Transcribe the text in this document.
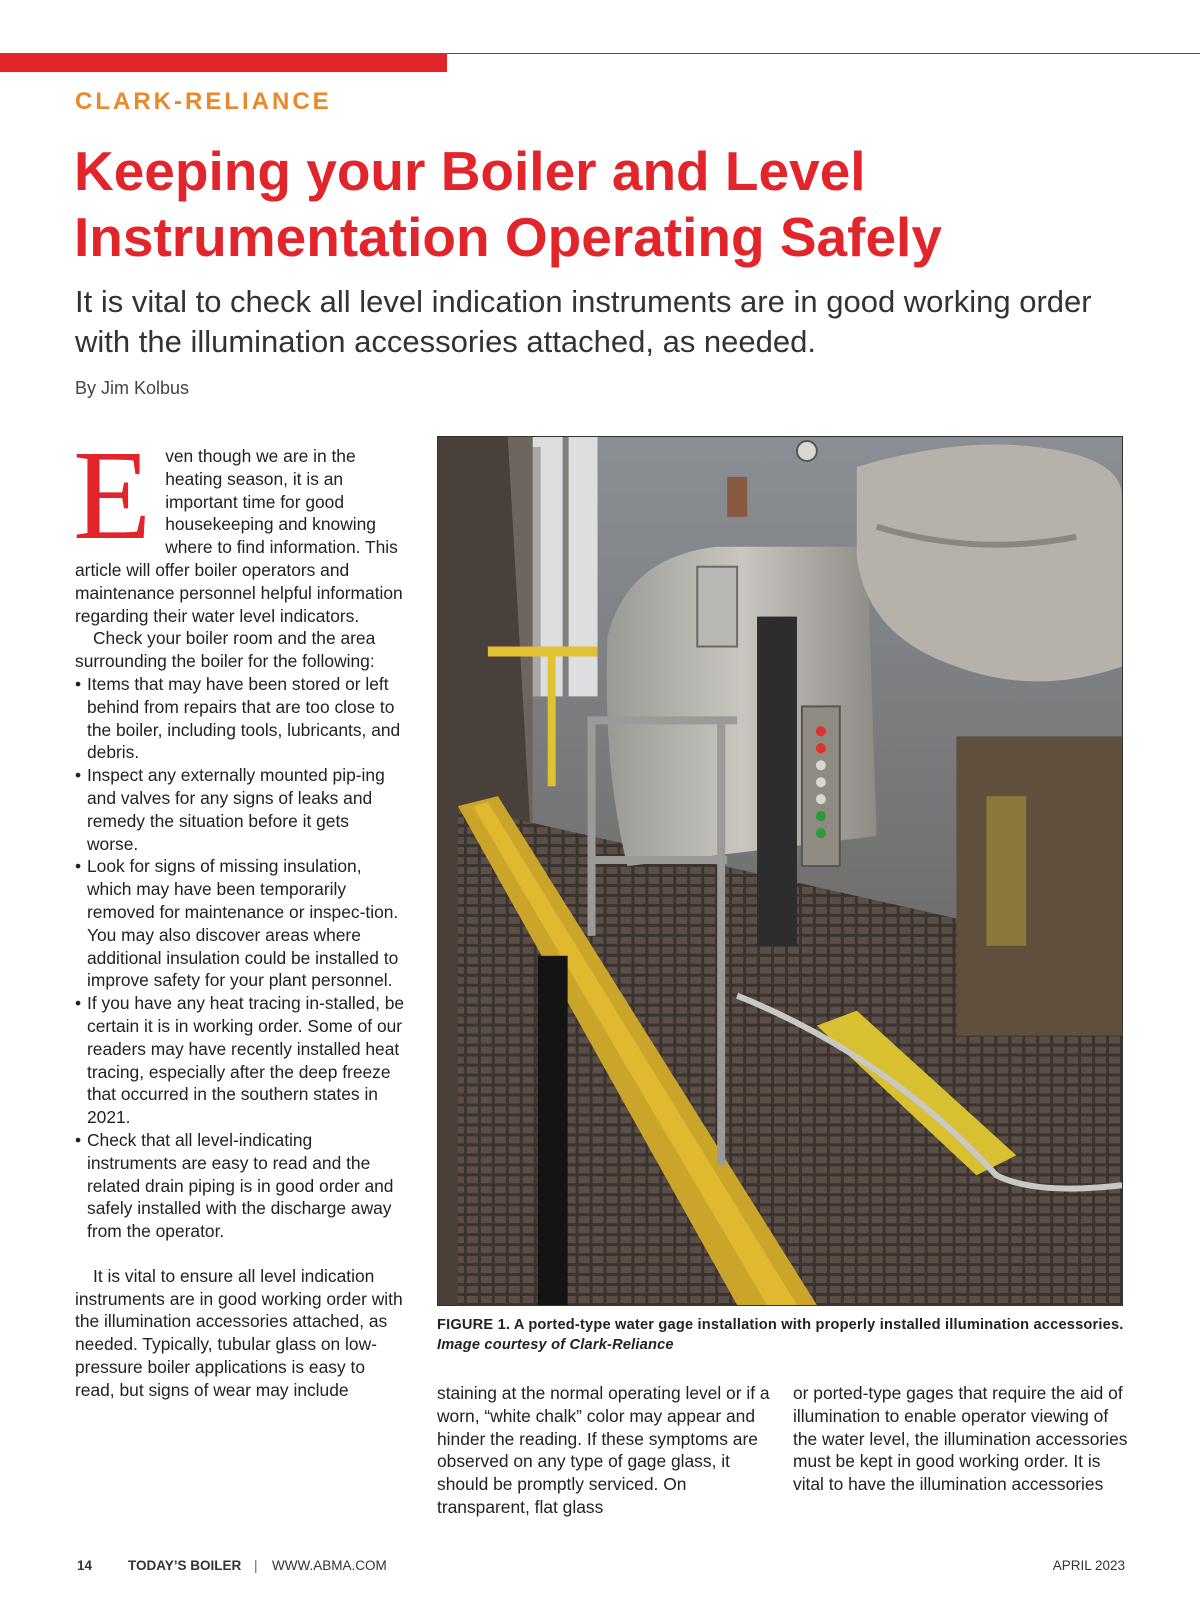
CLARK-RELIANCE
Keeping your Boiler and Level Instrumentation Operating Safely
It is vital to check all level indication instruments are in good working order with the illumination accessories attached, as needed.
By Jim Kolbus
E ven though we are in the heating season, it is an important time for good housekeeping and knowing where to find information. This article will offer boiler operators and maintenance personnel helpful information regarding their water level indicators.

Check your boiler room and the area surrounding the boiler for the following:

• Items that may have been stored or left behind from repairs that are too close to the boiler, including tools, lubricants, and debris.
• Inspect any externally mounted pip-ing and valves for any signs of leaks and remedy the situation before it gets worse.
• Look for signs of missing insulation, which may have been temporarily removed for maintenance or inspec-tion. You may also discover areas where additional insulation could be installed to improve safety for your plant personnel.
• If you have any heat tracing in-stalled, be certain it is in working order. Some of our readers may have recently installed heat tracing, especially after the deep freeze that occurred in the southern states in 2021.
• Check that all level-indicating instruments are easy to read and the related drain piping is in good order and safely installed with the discharge away from the operator.

It is vital to ensure all level indication instruments are in good working order with the illumination accessories attached, as needed. Typically, tubular glass on low-pressure boiler applications is easy to read, but signs of wear may include

FIGURE 1. A ported-type water gage installation with properly installed illumination accessories. Image courtesy of Clark-Reliance

staining at the normal operating level or if a worn, “white chalk” color may appear and hinder the reading. If these symptoms are observed on any type of gage glass, it should be promptly serviced. On transparent, flat glass

or ported-type gages that require the aid of illumination to enable operator viewing of the water level, the illumination accessories must be kept in good working order. It is vital to have the illumination accessories

14	TODAY’S BOILER | WWW.ABMA.COM	APRIL 2023
